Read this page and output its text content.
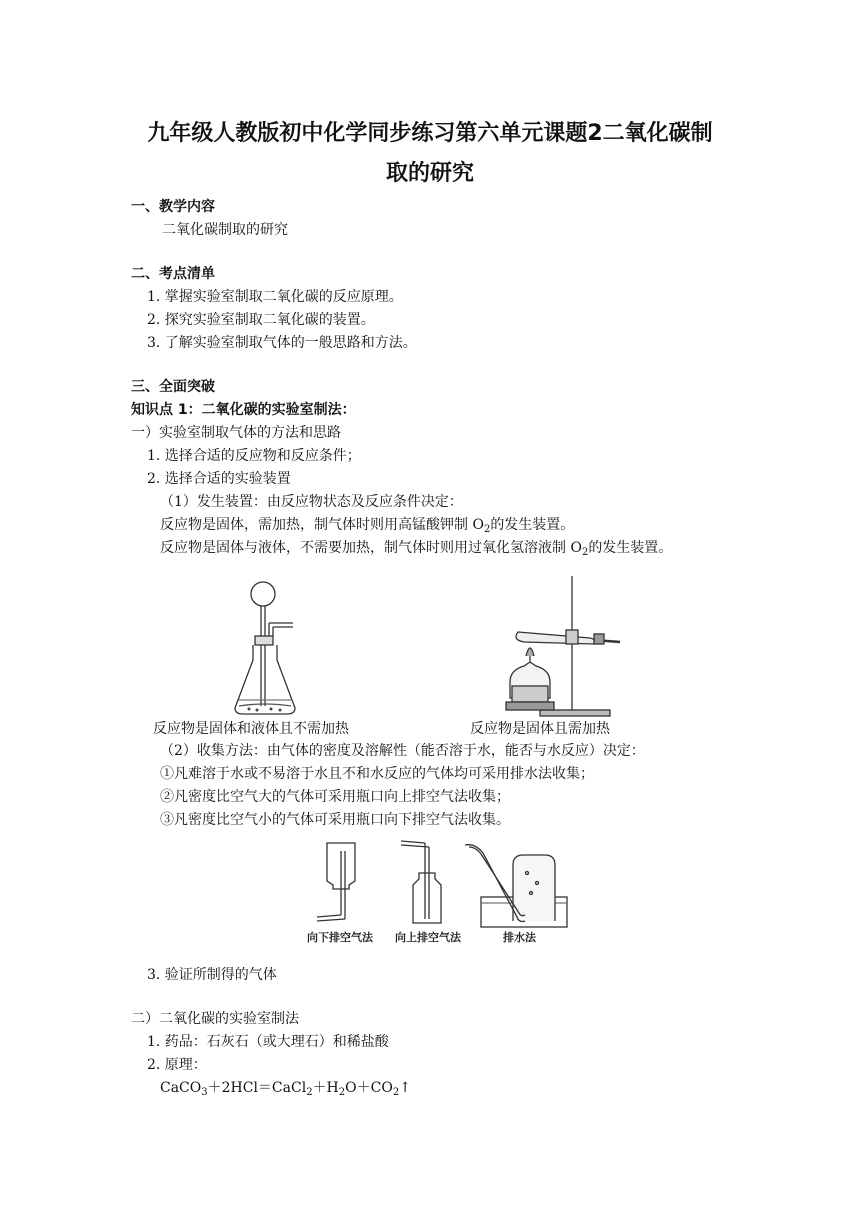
九年级人教版初中化学同步练习第六单元课题2二氧化碳制
取的研究
一、教学内容
二氧化碳制取的研究
二、考点清单
1. 掌握实验室制取二氧化碳的反应原理。
2. 探究实验室制取二氧化碳的装置。
3. 了解实验室制取气体的一般思路和方法。
三、全面突破
知识点 1：二氧化碳的实验室制法：
一）实验室制取气体的方法和思路
1. 选择合适的反应物和反应条件；
2. 选择合适的实验装置
（1）发生装置：由反应物状态及反应条件决定：
反应物是固体，需加热，制气体时则用高锰酸钾制 $O_2$的发生装置。
反应物是固体与液体，不需要加热，制气体时则用过氧化氢溶液制 $O_2$的发生装置。
反应物是固体和液体且不需加热	反应物是固体且需加热
（2）收集方法：由气体的密度及溶解性（能否溶于水，能否与水反应）决定：
①凡难溶于水或不易溶于水且不和水反应的气体均可采用排水法收集；
②凡密度比空气大的气体可采用瓶口向上排空气法收集；
③凡密度比空气小的气体可采用瓶口向下排空气法收集。
向下排空气法 向上排空气法	排水法
3. 验证所制得的气体
二）二氧化碳的实验室制法
1. 药品：石灰石（或大理石）和稀盐酸
2. 原理：
$CaCO_3+2HCl=CaCl_2+H_2O+CO_2↑$
